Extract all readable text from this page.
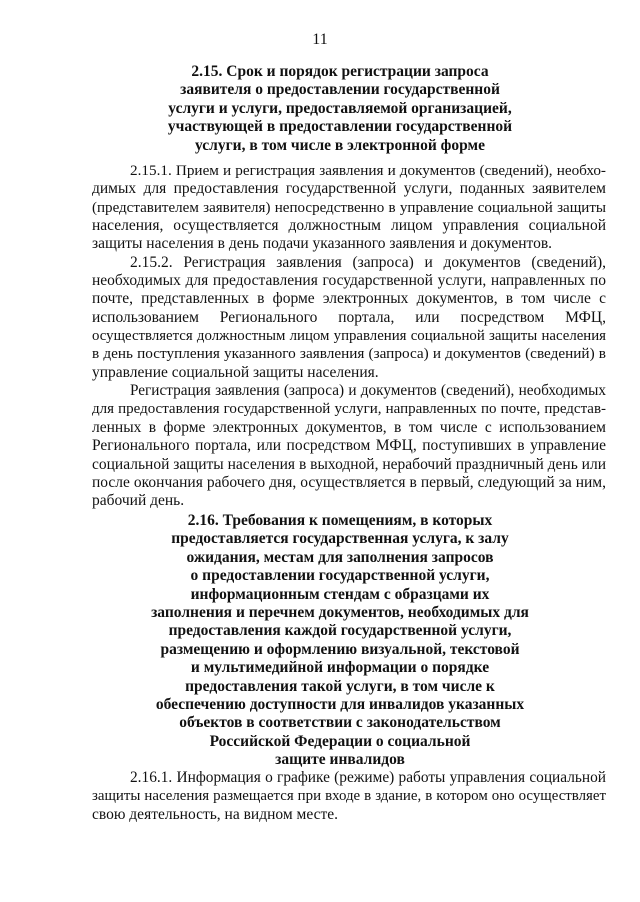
11
2.15. Срок и порядок регистрации запроса
заявителя о предоставлении государственной
услуги и услуги, предоставляемой организацией,
участвующей в предоставлении государственной
услуги, в том числе в электронной форме
2.15.1. Прием и регистрация заявления и документов (сведений), необхо-
димых для предоставления государственной услуги, поданных заявителем
(представителем заявителя) непосредственно в управление социальной защиты
населения, осуществляется должностным лицом управления социальной
защиты населения в день подачи указанного заявления и документов.
2.15.2. Регистрация заявления (запроса) и документов (сведений),
необходимых для предоставления государственной услуги, направленных по
почте, представленных в форме электронных документов, в том числе с
использованием Регионального портала, или посредством МФЦ,
осуществляется должностным лицом управления социальной защиты населения
в день поступления указанного заявления (запроса) и документов (сведений) в
управление социальной защиты населения.
Регистрация заявления (запроса) и документов (сведений), необходимых
для предоставления государственной услуги, направленных по почте, представ-
ленных в форме электронных документов, в том числе с использованием
Регионального портала, или посредством МФЦ, поступивших в управление
социальной защиты населения в выходной, нерабочий праздничный день или
после окончания рабочего дня, осуществляется в первый, следующий за ним,
рабочий день.
2.16. Требования к помещениям, в которых
предоставляется государственная услуга, к залу
ожидания, местам для заполнения запросов
о предоставлении государственной услуги,
информационным стендам с образцами их
заполнения и перечнем документов, необходимых для
предоставления каждой государственной услуги,
размещению и оформлению визуальной, текстовой
и мультимедийной информации о порядке
предоставления такой услуги, в том числе к
обеспечению доступности для инвалидов указанных
объектов в соответствии с законодательством
Российской Федерации о социальной
защите инвалидов
2.16.1. Информация о графике (режиме) работы управления социальной
защиты населения размещается при входе в здание, в котором оно осуществляет
свою деятельность, на видном месте.
